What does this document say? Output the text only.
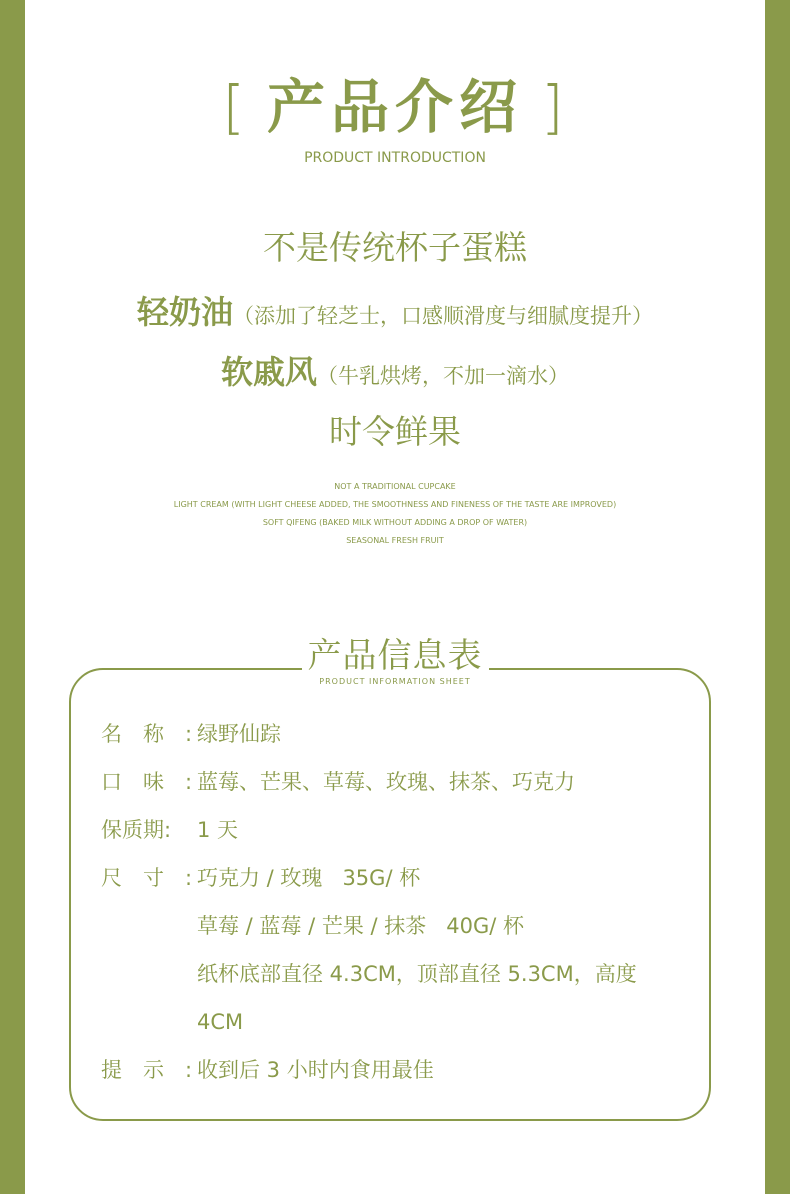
[ 产品介绍 ]
PRODUCT INTRODUCTION
不是传统杯子蛋糕
轻奶油（添加了轻芝士，口感顺滑度与细腻度提升）
软戚风（牛乳烘烤，不加一滴水）
时令鲜果
NOT A TRADITIONAL CUPCAKE
LIGHT CREAM (WITH LIGHT CHEESE ADDED, THE SMOOTHNESS AND FINENESS OF THE TASTE ARE IMPROVED)
SOFT QIFENG (BAKED MILK WITHOUT ADDING A DROP OF WATER)
SEASONAL FRESH FRUIT
产品信息表
PRODUCT INFORMATION SHEET
名称:
绿野仙踪
口味:
蓝莓、芒果、草莓、玫瑰、抹茶、巧克力
保质期:	1 天
尺寸:
巧克力 / 玫瑰   35G/ 杯
草莓 / 蓝莓 / 芒果 / 抹茶   40G/ 杯
纸杯底部直径 4.3CM，顶部直径 5.3CM，高度
4CM
提示:
收到后 3 小时内食用最佳
